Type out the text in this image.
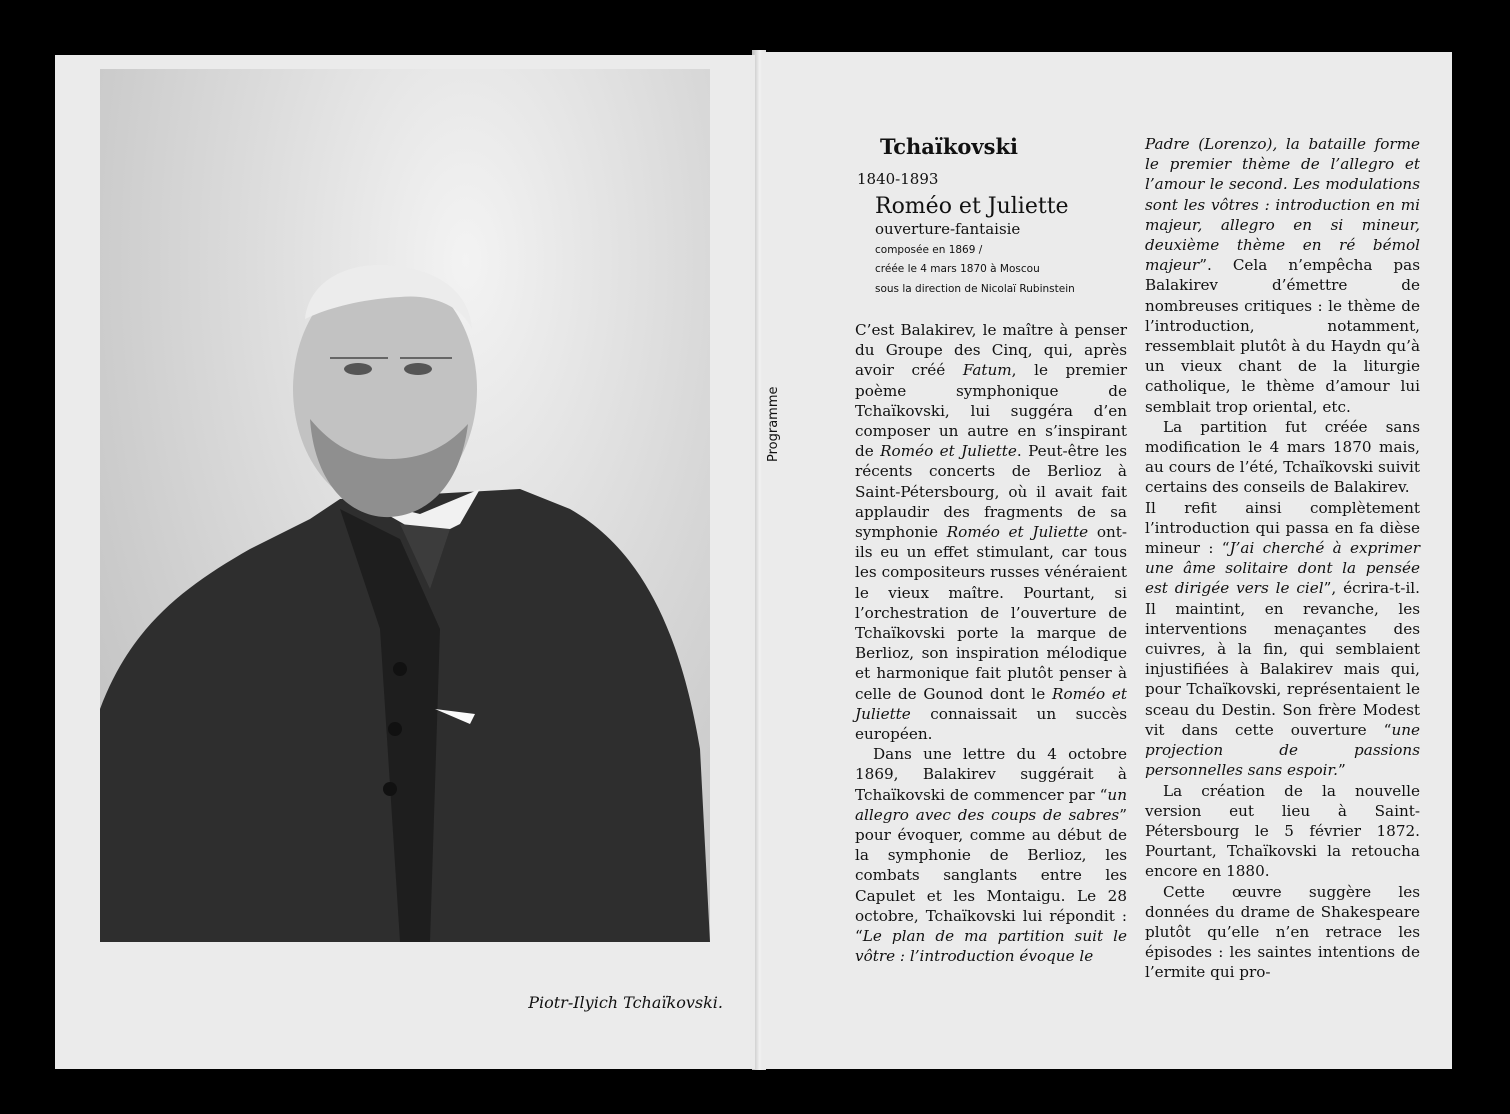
Piotr-Ilyich Tchaïkovski.
Programme
Tchaïkovski
1840-1893
Roméo et Juliette
ouverture-fantaisie
composée en 1869 /
créée le 4 mars 1870 à Moscou
sous la direction de Nicolaï Rubinstein

C’est Balakirev, le maître à penser du Groupe des Cinq, qui, après avoir créé Fatum, le premier poème symphonique de Tchaïkovski, lui suggéra d’en composer un autre en s’inspirant de Roméo et Juliette. Peut-être les récents concerts de Berlioz à Saint-Pétersbourg, où il avait fait applaudir des fragments de sa symphonie Roméo et Juliette ont-ils eu un effet stimulant, car tous les compositeurs russes vénéraient le vieux maître. Pourtant, si l’orchestration de l’ouverture de Tchaïkovski porte la marque de Berlioz, son inspiration mélodique et harmonique fait plutôt penser à celle de Gounod dont le Roméo et Juliette connaissait un succès européen.

Dans une lettre du 4 octobre 1869, Balakirev suggérait à Tchaïkovski de commencer par “un allegro avec des coups de sabres” pour évoquer, comme au début de la symphonie de Berlioz, les combats sanglants entre les Capulet et les Montaigu. Le 28 octobre, Tchaïkovski lui répondit : “Le plan de ma partition suit le vôtre : l’introduction évoque le

Padre (Lorenzo), la bataille forme le premier thème de l’allegro et l’amour le second. Les modulations sont les vôtres : introduction en mi majeur, allegro en si mineur, deuxième thème en ré bémol majeur”. Cela n’empêcha pas Balakirev d’émettre de nombreuses critiques : le thème de l’introduction, notamment, ressemblait plutôt à du Haydn qu’à un vieux chant de la liturgie catholique, le thème d’amour lui semblait trop oriental, etc.

La partition fut créée sans modification le 4 mars 1870 mais, au cours de l’été, Tchaïkovski suivit certains des conseils de Balakirev.

Il refit ainsi complètement l’introduction qui passa en fa dièse mineur : “J’ai cherché à exprimer une âme solitaire dont la pensée est dirigée vers le ciel”, écrira-t-il. Il maintint, en revanche, les interventions menaçantes des cuivres, à la fin, qui semblaient injustifiées à Balakirev mais qui, pour Tchaïkovski, représentaient le sceau du Destin. Son frère Modest vit dans cette ouverture “une projection de passions personnelles sans espoir.”

La création de la nouvelle version eut lieu à Saint-Pétersbourg le 5 février 1872. Pourtant, Tchaïkovski la retoucha encore en 1880.

Cette œuvre suggère les données du drame de Shakespeare plutôt qu’elle n’en retrace les épisodes : les saintes intentions de l’ermite qui pro-
